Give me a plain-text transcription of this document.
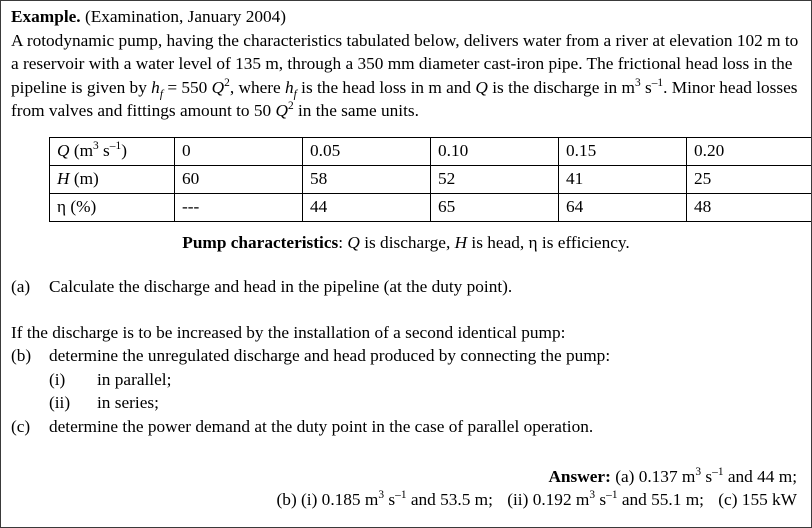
Example. (Examination, January 2004)
A rotodynamic pump, having the characteristics tabulated below, delivers water from a river at elevation 102 m to a reservoir with a water level of 135 m, through a 350 mm diameter cast-iron pipe. The frictional head loss in the pipeline is given by $h_f = 550$ $Q^2$, where $h_f$ is the head loss in m and Q is the discharge in $m^3$ $s^{-1}$. Minor head losses from valves and fittings amount to 50 $Q^2$ in the same units.
Q ($m^3$ $s^{-1}$)	0	0.05	0.10	0.15	0.20
H (m)	60	58	52	41	25
η (%)	---	44	65	64	48
Pump characteristics: Q is discharge, H is head, η is efficiency.
(a)	Calculate the discharge and head in the pipeline (at the duty point).
If the discharge is to be increased by the installation of a second identical pump:
(b)	determine the unregulated discharge and head produced by connecting the pump:
(i)	in parallel;
(ii)	in series;
(c)	determine the power demand at the duty point in the case of parallel operation.
Answer: (a) 0.137 $m^3$ $s^{-1}$ and 44 m;
(b) (i) 0.185 $m^3$ $s^{-1}$ and 53.5 m; (ii) 0.192 $m^3$ $s^{-1}$ and 55.1 m; (c) 155 kW
